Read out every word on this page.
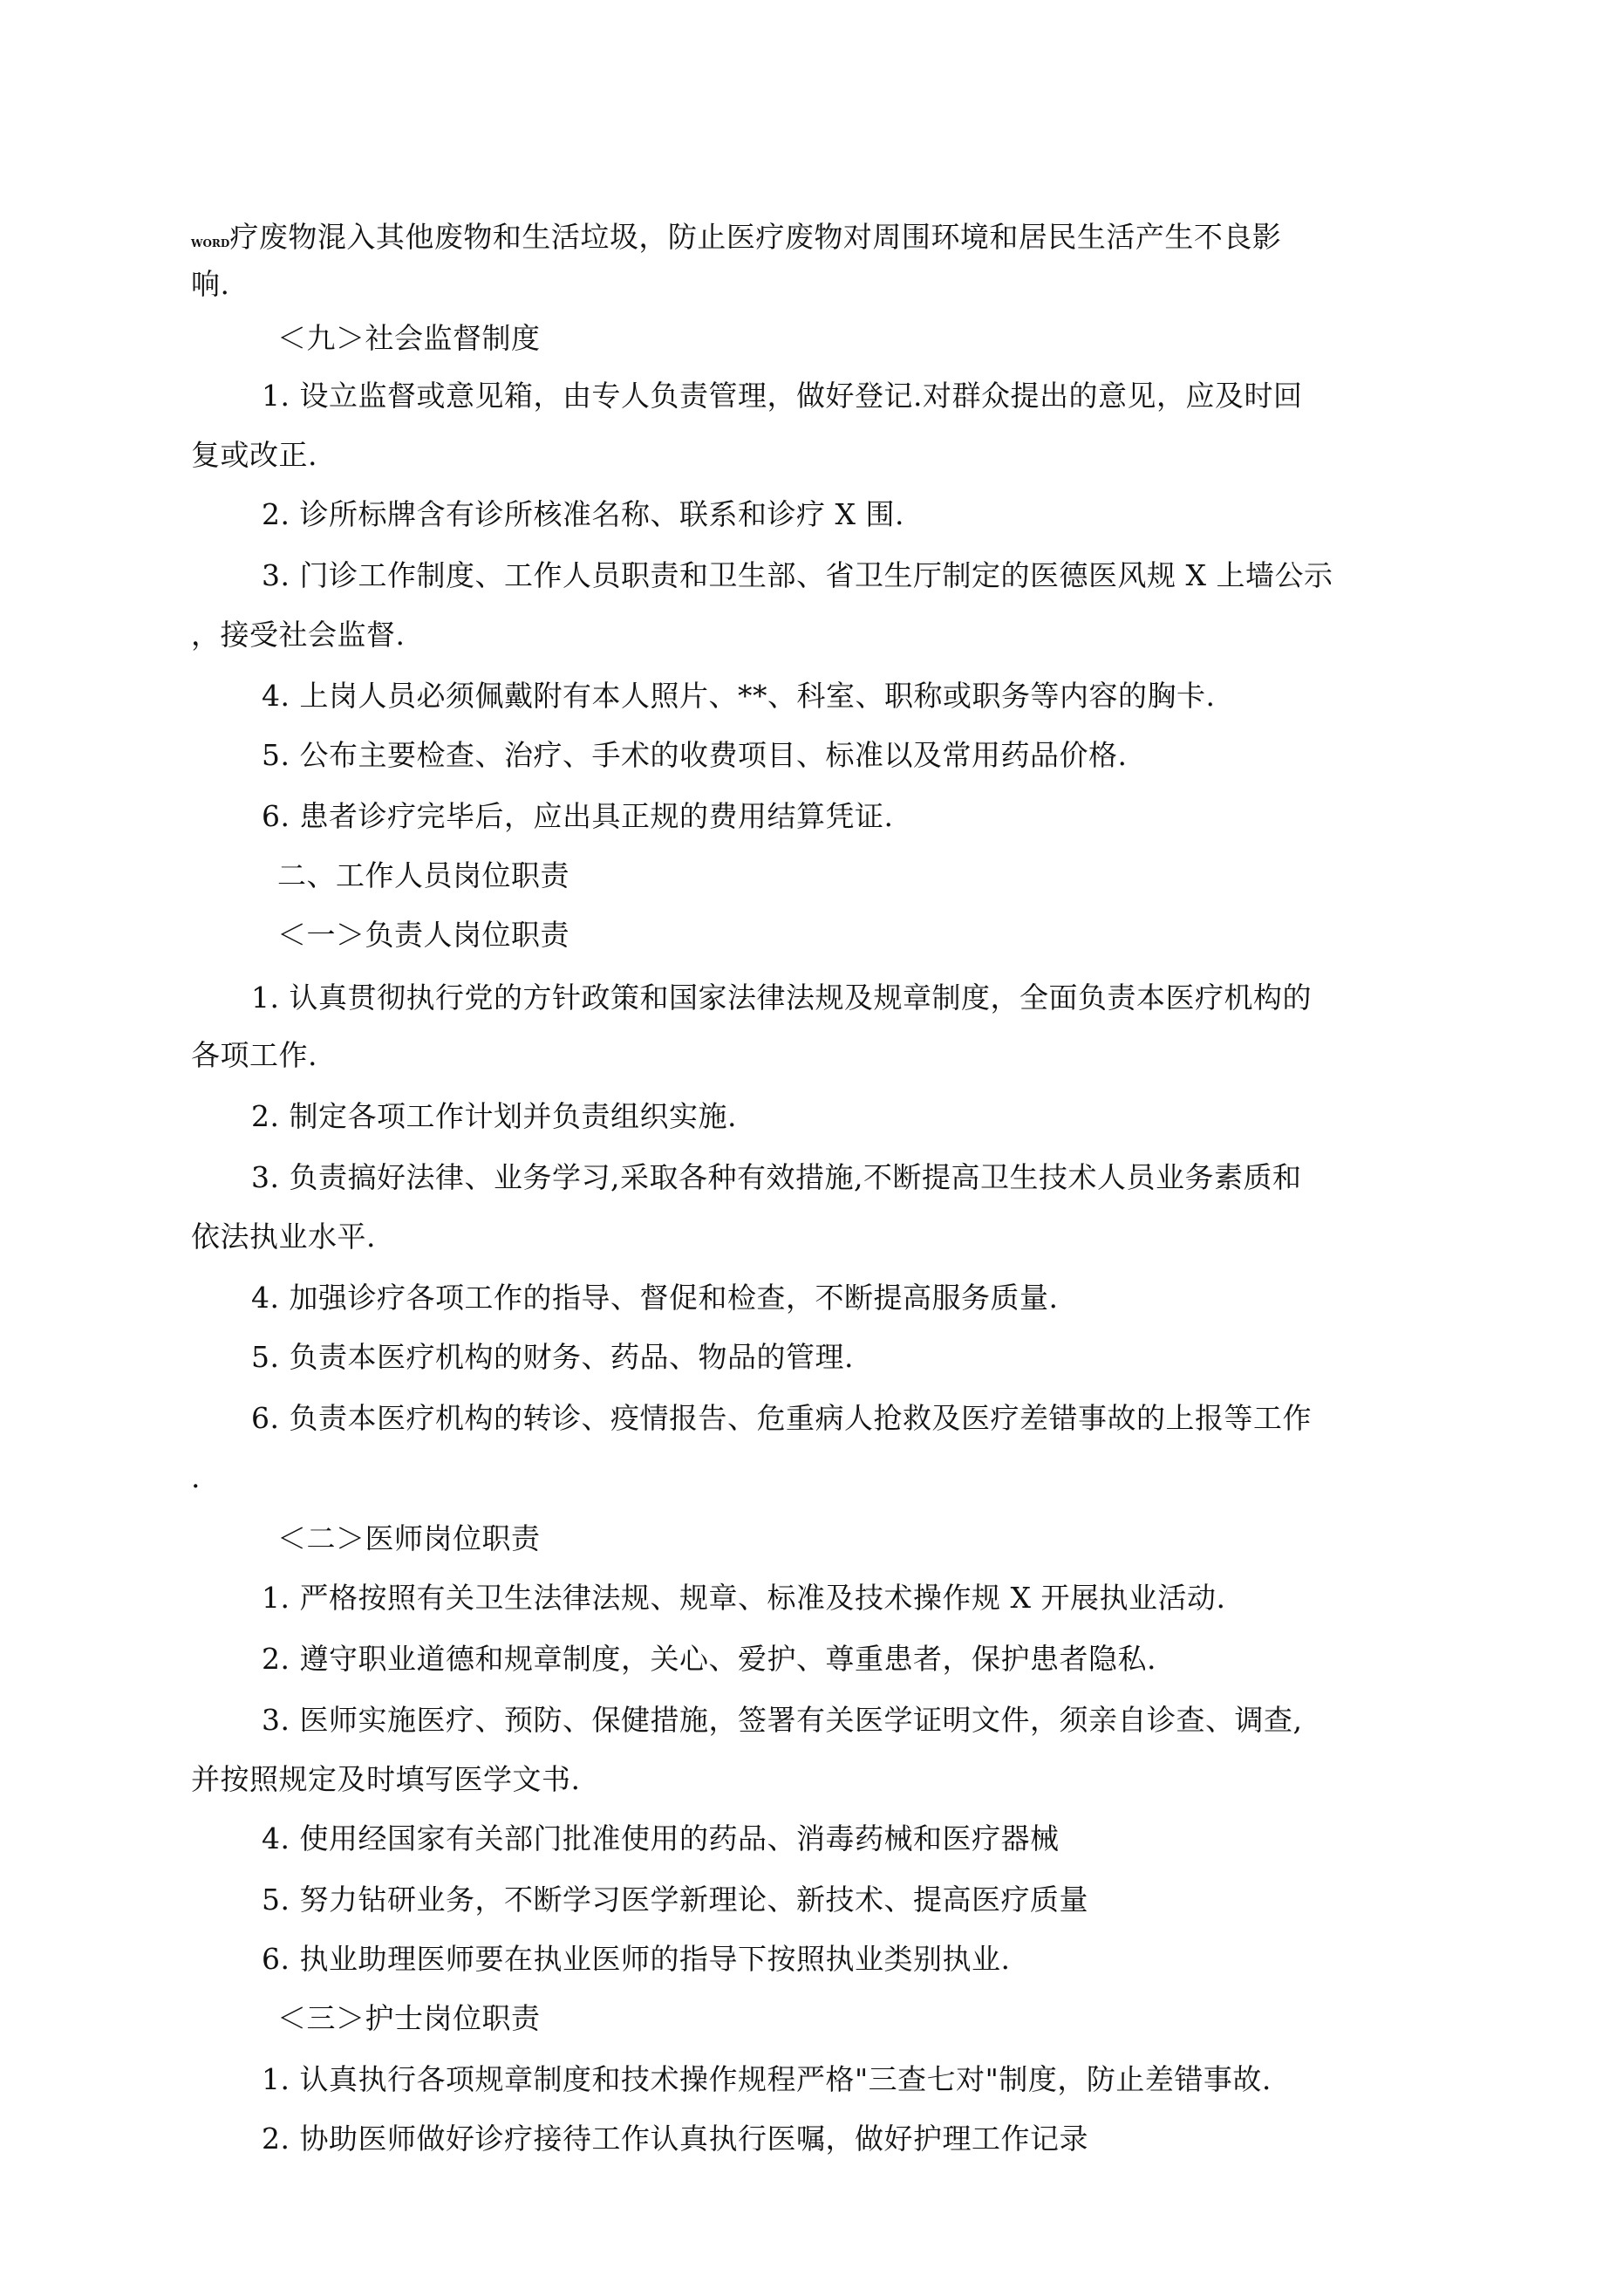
WORD疗废物混入其他废物和生活垃圾，防止医疗废物对周围环境和居民生活产生不良影
响.
＜九＞社会监督制度
1. 设立监督或意见箱，由专人负责管理，做好登记.对群众提出的意见，应及时回
复或改正.
2. 诊所标牌含有诊所核准名称、联系和诊疗 X 围.
3. 门诊工作制度、工作人员职责和卫生部、省卫生厅制定的医德医风规 X 上墙公示
，接受社会监督.
4. 上岗人员必须佩戴附有本人照片、**、科室、职称或职务等内容的胸卡.
5. 公布主要检查、治疗、手术的收费项目、标准以及常用药品价格.
6. 患者诊疗完毕后，应出具正规的费用结算凭证.
二、工作人员岗位职责
＜一＞负责人岗位职责
1. 认真贯彻执行党的方针政策和国家法律法规及规章制度，全面负责本医疗机构的
各项工作.
2. 制定各项工作计划并负责组织实施.
3. 负责搞好法律、业务学习,采取各种有效措施,不断提高卫生技术人员业务素质和
依法执业水平.
4. 加强诊疗各项工作的指导、督促和检查，不断提高服务质量.
5. 负责本医疗机构的财务、药品、物品的管理.
6. 负责本医疗机构的转诊、疫情报告、危重病人抢救及医疗差错事故的上报等工作
.
＜二＞医师岗位职责
1. 严格按照有关卫生法律法规、规章、标准及技术操作规 X 开展执业活动.
2. 遵守职业道德和规章制度，关心、爱护、尊重患者，保护患者隐私.
3. 医师实施医疗、预防、保健措施，签署有关医学证明文件，须亲自诊查、调查,
并按照规定及时填写医学文书.
4. 使用经国家有关部门批准使用的药品、消毒药械和医疗器械
5. 努力钻研业务，不断学习医学新理论、新技术、提高医疗质量
6. 执业助理医师要在执业医师的指导下按照执业类别执业.
＜三＞护士岗位职责
1. 认真执行各项规章制度和技术操作规程严格"三查七对"制度，防止差错事故.
2. 协助医师做好诊疗接待工作认真执行医嘱，做好护理工作记录
